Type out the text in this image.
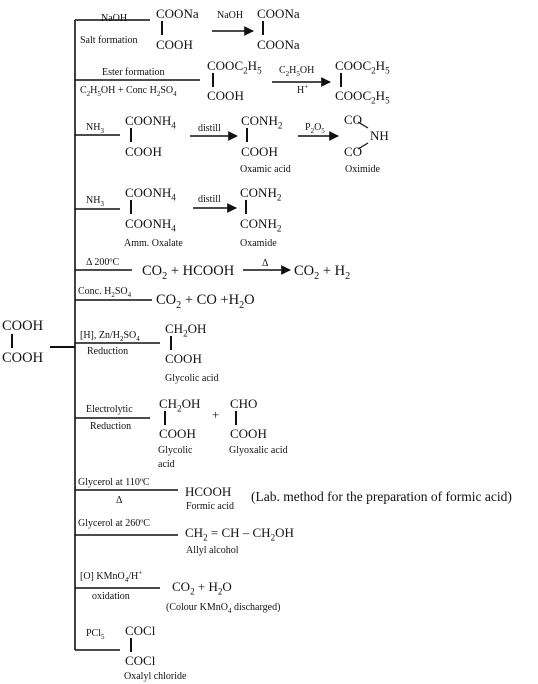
COOH
COOH
NaOH
Salt formation
COONa
COOH
NaOH COONa
COONa
Ester formation
$C_2H_5OH$ + Conc $H_2SO_4$
$COOC_2H_5$
COOH
$C_2H_5OH$
H+
$COOC_2H_5$
$COOC_2H_5$
$NH_3$
$COONH_4$
COOH
distill
$CONH_2$
COOH
Oxamic acid
$P_2O_5$
CO
NH
CO
Oximide
$NH_3$
$COONH_4$
$COONH_4$
Amm. Oxalate
distill $CONH_2$
$CONH_2$
Oxamide
Δ 200ºC
$CO_2$ + HCOOH	Δ $CO_2 + H_2$
Conc. $H_2SO_4$ $CO_2$ + CO $+H_2O$
[H], $Zn/H_2SO_4$
Reduction
$CH_2OH$
COOH
Glycolic acid
Electrolytic
Reduction
$CH_2OH$
COOH
Glycolic
acid
+
CHO
COOH
Glyoxalic acid
Glycerol at 110ºC
Δ
HCOOH
Formic acid
(Lab. method for the preparation of formic acid)
Glycerol at 260ºC
$CH_2$ = CH – $CH_2OH$
Allyl alcohol
[O] KMnO$_4$/H+
oxidation
$CO_2 + H_2O$
(Colour KMnO$_4$ discharged)
PCl$_5$ COCl
COCl
Oxalyl chloride
